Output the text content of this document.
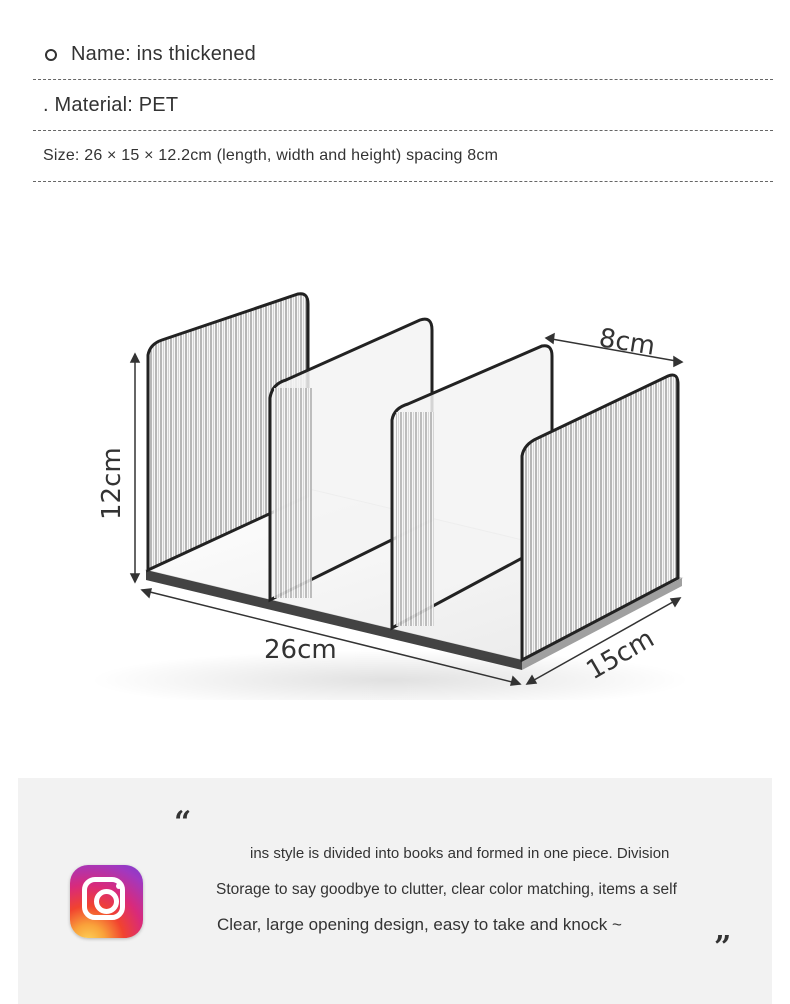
Name: ins thickened
. Material: PET
Size: 26 × 15 × 12.2cm (length, width and height) spacing 8cm
8cm
12cm
26cm	15cm
“
ins style is divided into books and formed in one piece. Division
Storage to say goodbye to clutter, clear color matching, items a self
Clear, large opening design, easy to take and knock ~
”
